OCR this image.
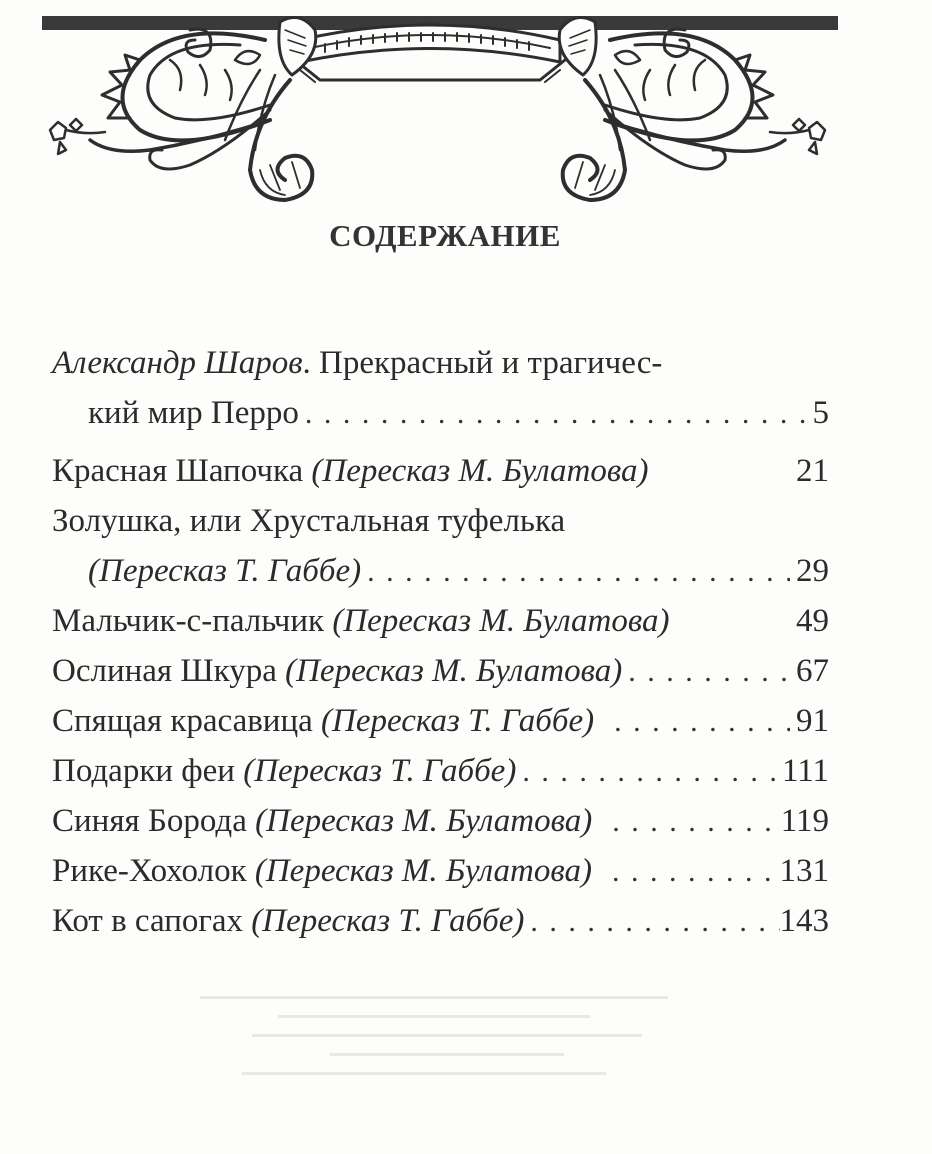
СОДЕРЖАНИЕ
Александр Шаров . Прекрасный и трагичес-
кий мир Перро . . .	5
Красная Шапочка (Пересказ М. Булатова)	21
Золушка, или Хрустальная туфелька
(Пересказ Т. Габбе) . . .	29
Мальчик-с-пальчик (Пересказ М. Булатова)	49
Ослиная Шкура (Пересказ М. Булатова) . . .	67
Спящая красавица (Пересказ Т. Габбе) . . .	91
Подарки феи (Пересказ Т. Габбе) . . .	111
Синяя Борода (Пересказ М. Булатова) . . .	119
Рике-Хохолок (Пересказ М. Булатова) . . .	131
Кот в сапогах (Пересказ Т. Габбе) . . .	143
